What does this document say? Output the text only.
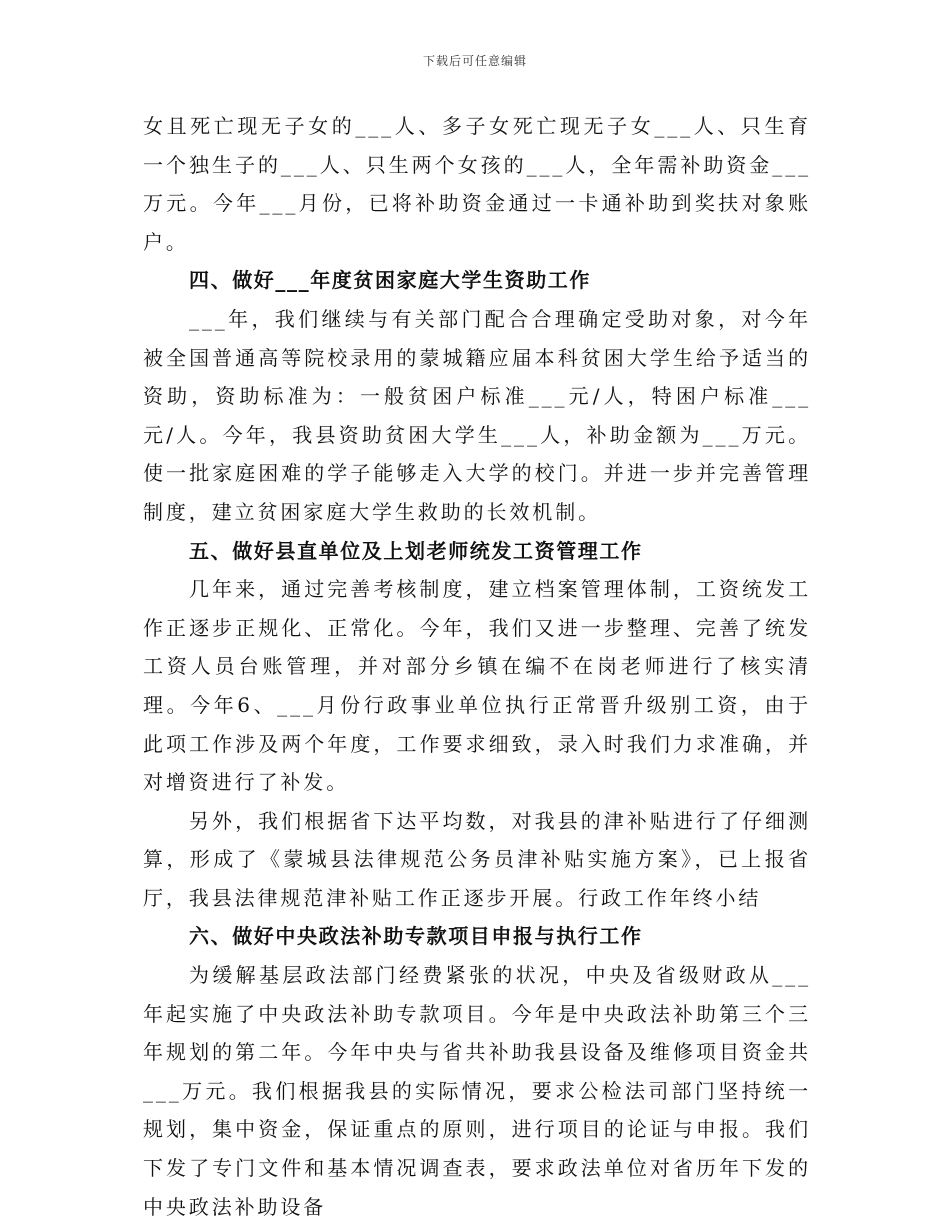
下载后可任意编辑

女且死亡现无子女的___人、多子女死亡现无子女___人、只生育一个独生子的___人、只生两个女孩的___人，全年需补助资金___万元。今年___月份，已将补助资金通过一卡通补助到奖扶对象账户。

四、做好___年度贫困家庭大学生资助工作

___年，我们继续与有关部门配合合理确定受助对象，对今年被全国普通高等院校录用的蒙城籍应届本科贫困大学生给予适当的资助，资助标准为：一般贫困户标准___元/人，特困户标准___元/人。今年，我县资助贫困大学生___人，补助金额为___万元。使一批家庭困难的学子能够走入大学的校门。并进一步并完善管理制度，建立贫困家庭大学生救助的长效机制。

五、做好县直单位及上划老师统发工资管理工作

几年来，通过完善考核制度，建立档案管理体制，工资统发工作正逐步正规化、正常化。今年，我们又进一步整理、完善了统发工资人员台账管理，并对部分乡镇在编不在岗老师进行了核实清理。今年6、___月份行政事业单位执行正常晋升级别工资，由于此项工作涉及两个年度，工作要求细致，录入时我们力求准确，并对增资进行了补发。

另外，我们根据省下达平均数，对我县的津补贴进行了仔细测算，形成了《蒙城县法律规范公务员津补贴实施方案》，已上报省厅，我县法律规范津补贴工作正逐步开展。行政工作年终小结

六、做好中央政法补助专款项目申报与执行工作

为缓解基层政法部门经费紧张的状况，中央及省级财政从___年起实施了中央政法补助专款项目。今年是中央政法补助第三个三年规划的第二年。今年中央与省共补助我县设备及维修项目资金共___万元。我们根据我县的实际情况，要求公检法司部门坚持统一规划，集中资金，保证重点的原则，进行项目的论证与申报。我们下发了专门文件和基本情况调查表，要求政法单位对省历年下发的中央政法补助设备
